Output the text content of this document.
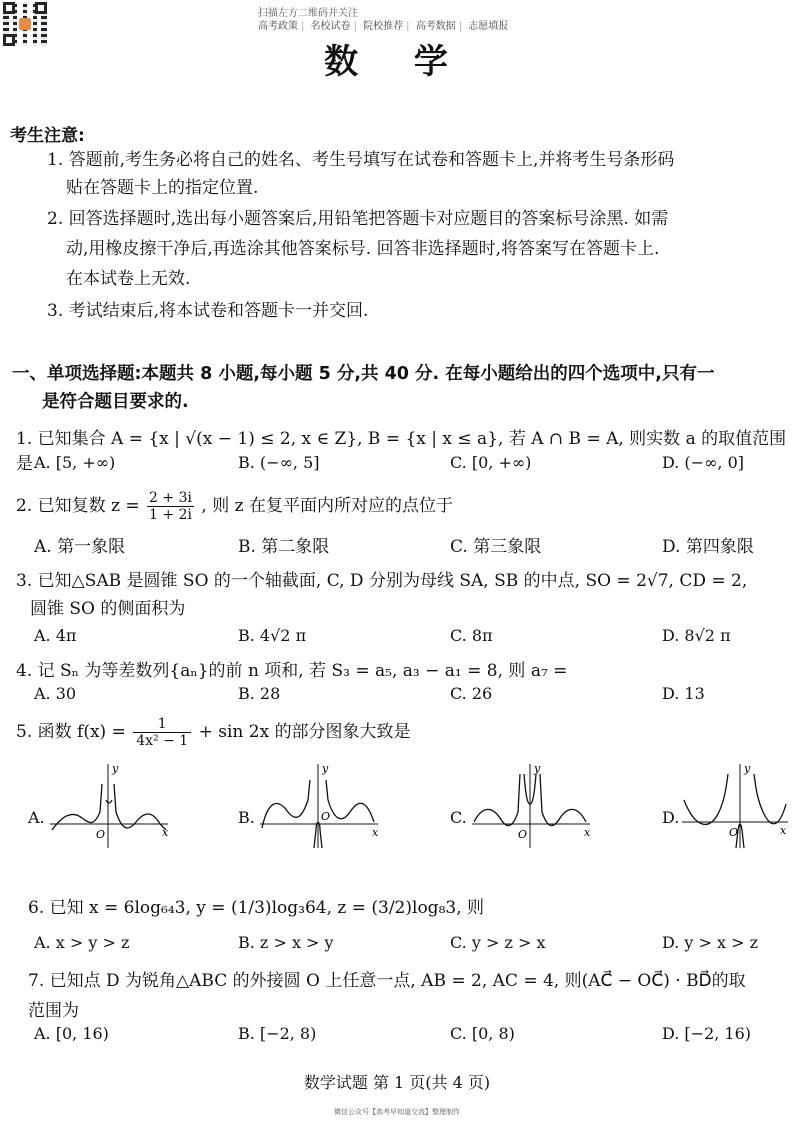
扫描左方二维码并关注
高考政策 | 名校试卷 | 院校推荐 | 高考数据 | 志愿填报
数 学
考生注意:
1. 答题前,考生务必将自己的姓名、考生号填写在试卷和答题卡上,并将考生号条形码
贴在答题卡上的指定位置.
2. 回答选择题时,选出每小题答案后,用铅笔把答题卡对应题目的答案标号涂黑. 如需
动,用橡皮擦干净后,再选涂其他答案标号. 回答非选择题时,将答案写在答题卡上.
在本试卷上无效.
3. 考试结束后,将本试卷和答题卡一并交回.
一、单项选择题:本题共 8 小题,每小题 5 分,共 40 分. 在每小题给出的四个选项中,只有一
是符合题目要求的.
1. 已知集合 A = {x | √(x − 1) ≤ 2, x ∈ Z}, B = {x | x ≤ a}, 若 A ∩ B = A, 则实数 a 的取值范围是 A. [5, +∞)	B. (−∞, 5]	C. [0, +∞)	D. (−∞, 0]
2. 已知复数 $z = \frac{2 + 3i}{1 + 2i}$ , 则 z 在复平面内所对应的点位于
A. 第一象限	B. 第二象限	C. 第三象限	D. 第四象限
3. 已知△SAB 是圆锥 SO 的一个轴截面, C, D 分别为母线 SA, SB 的中点, SO = 2√7, CD = 2,
圆锥 SO 的侧面积为
A. 4π	B. 4√2 π	C. 8π	D. 8√2 π
4. 记 Sₙ 为等差数列{aₙ}的前 n 项和, 若 S₃ = a₅, a₃ − a₁ = 8, 则 a₇ =
A. 30	B. 28	C. 26	D. 13
5. 函数 $f(x) = \frac{1}{\text{4x² − 1}} + \sin 2x$ 的部分图象大致是
A.	B.	C.	D.
y
x
O
y
x
O
y
x
O
y
x
O
6. 已知 x = 6log₆₄3, y = (1/3)log₃64, z = (3/2)log₈3, 则
A. x > y > z	B. z > x > y	C. y > z > x	D. y > x > z
7. 已知点 D 为锐角△ABC 的外接圆 O 上任意一点, AB = 2, AC = 4, 则(AC⃗ − OC⃗) · BD⃗的取
范围为
A. [0, 16)	B. [−2, 8)	C. [0, 8)	D. [−2, 16)
数学试题 第 1 页(共 4 页)
微信公众号【高考早知道交流】整理制作
